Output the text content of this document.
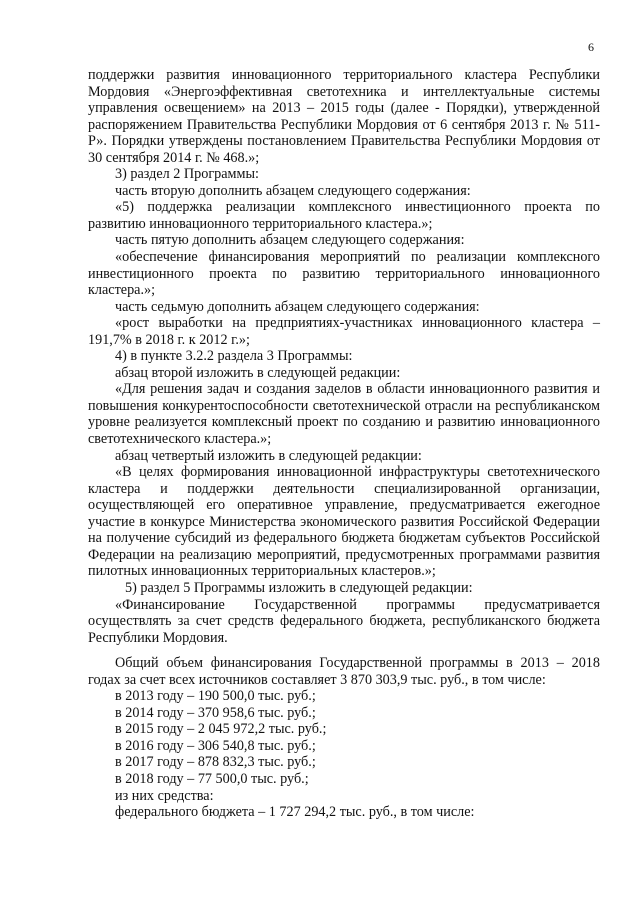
6

поддержки развития инновационного территориального кластера Республики Мордовия «Энергоэффективная светотехника и интеллектуальные системы управления освещением» на 2013 – 2015 годы (далее - Порядки), утвержденной распоряжением Правительства Республики Мордовия от 6 сентября 2013 г. № 511-Р». Порядки утверждены постановлением Правительства Республики Мордовия от 30 сентября 2014 г. № 468.»;

3) раздел 2 Программы:

часть вторую дополнить абзацем следующего содержания:

«5) поддержка реализации комплексного инвестиционного проекта по развитию инновационного территориального кластера.»;

часть пятую дополнить абзацем следующего содержания:

«обеспечение финансирования мероприятий по реализации комплексного инвестиционного проекта по развитию территориального инновационного кластера.»;

часть седьмую дополнить абзацем следующего содержания:

«рост выработки на предприятиях-участниках инновационного кластера – 191,7% в 2018 г. к 2012 г.»;

4) в пункте 3.2.2 раздела 3 Программы:

абзац второй изложить в следующей редакции:

«Для решения задач и создания заделов в области инновационного развития и повышения конкурентоспособности светотехнической отрасли на республиканском уровне реализуется комплексный проект по созданию и развитию инновационного светотехнического кластера.»;

абзац четвертый изложить в следующей редакции:

«В целях формирования инновационной инфраструктуры светотехнического кластера и поддержки деятельности специализированной организации, осуществляющей его оперативное управление, предусматривается ежегодное участие в конкурсе Министерства экономического развития Российской Федерации на получение субсидий из федерального бюджета бюджетам субъектов Российской Федерации на реализацию мероприятий, предусмотренных программами развития пилотных инновационных территориальных кластеров.»;

5) раздел 5 Программы изложить в следующей редакции:

«Финансирование Государственной программы предусматривается осуществлять за счет средств федерального бюджета, республиканского бюджета Республики Мордовия.

Общий объем финансирования Государственной программы в 2013 – 2018 годах за счет всех источников составляет 3 870 303,9 тыс. руб., в том числе:

в 2013 году – 190 500,0 тыс. руб.;

в 2014 году – 370 958,6 тыс. руб.;

в 2015 году – 2 045 972,2 тыс. руб.;

в 2016 году – 306 540,8 тыс. руб.;

в 2017 году – 878 832,3 тыс. руб.;

в 2018 году – 77 500,0 тыс. руб.;

из них средства:

федерального бюджета – 1 727 294,2 тыс. руб., в том числе:
